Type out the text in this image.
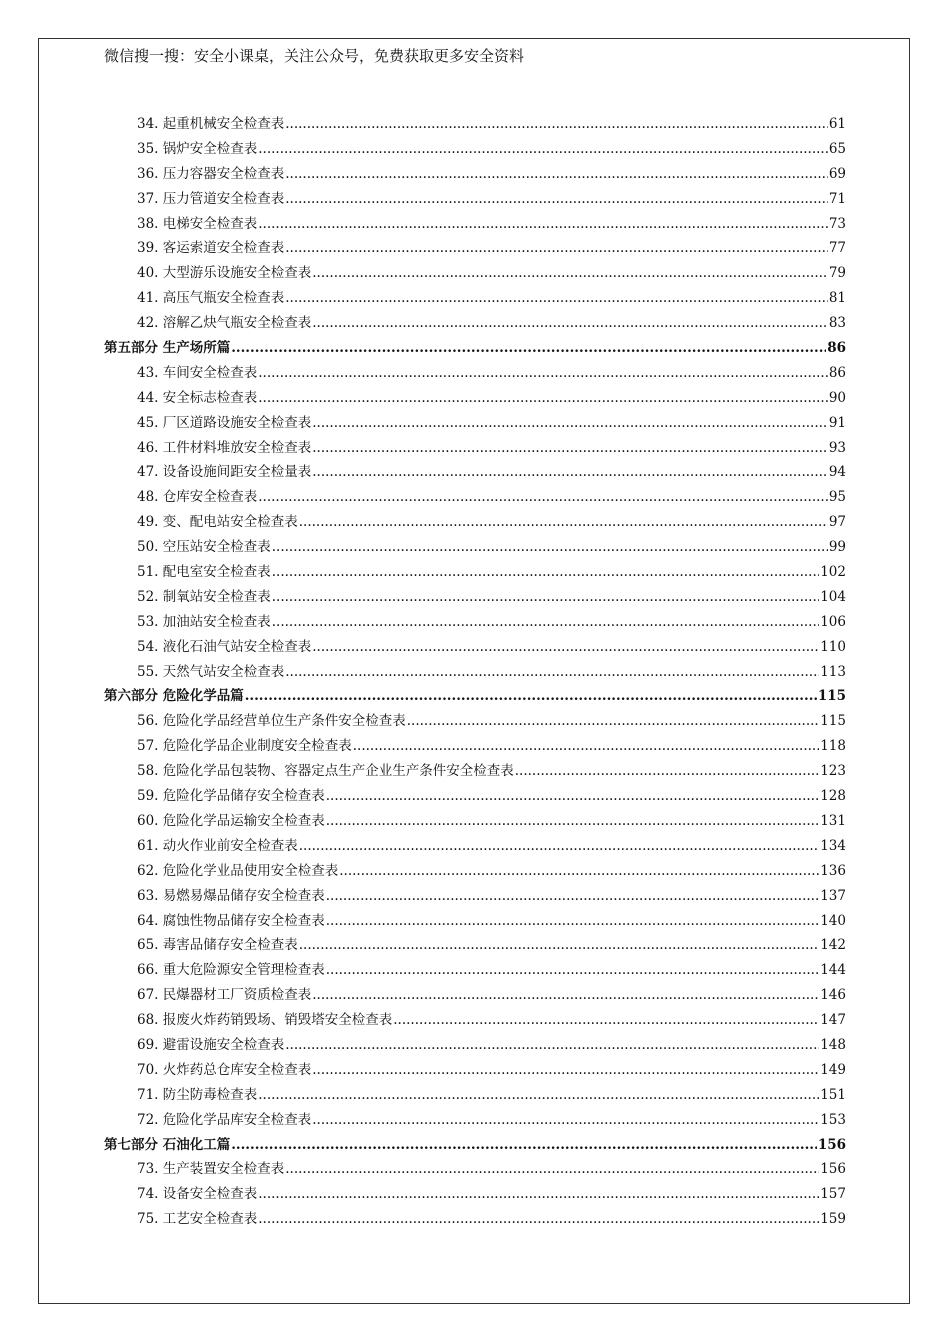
微信搜一搜：安全小课桌，关注公众号，免费获取更多安全资料
34. 起重机械安全检查表 .....	61
35. 锅炉安全检查表 .....	65
36. 压力容器安全检查表 .....	69
37. 压力管道安全检查表 .....	71
38. 电梯安全检查表 .....	73
39. 客运索道安全检查表 .....	77
40. 大型游乐设施安全检查表 .....	79
41. 高压气瓶安全检查表 .....	81
42. 溶解乙炔气瓶安全检查表 .....	83
第五部分 生产场所篇 .....	86
43. 车间安全检查表 .....	86
44. 安全标志检查表 .....	90
45. 厂区道路设施安全检查表 .....	91
46. 工件材料堆放安全检查表 .....	93
47. 设备设施间距安全检量表 .....	94
48. 仓库安全检查表 .....	95
49. 变、配电站安全检查表 .....	97
50. 空压站安全检查表 .....	99
51. 配电室安全检查表 .....	102
52. 制氧站安全检查表 .....	104
53. 加油站安全检查表 .....	106
54. 液化石油气站安全检查表 .....	110
55. 天然气站安全检查表 .....	113
第六部分 危险化学品篇 .....	115
56. 危险化学品经营单位生产条件安全检查表 .....	115
57. 危险化学品企业制度安全检查表 .....	118
58. 危险化学品包装物、容器定点生产企业生产条件安全检查表 .....	123
59. 危险化学品储存安全检查表 .....	128
60. 危险化学品运输安全检查表 .....	131
61. 动火作业前安全检查表 .....	134
62. 危险化学业品使用安全检查表 .....	136
63. 易燃易爆品储存安全检查表 .....	137
64. 腐蚀性物品储存安全检查表 .....	140
65. 毒害品储存安全检查表 .....	142
66. 重大危险源安全管理检查表 .....	144
67. 民爆器材工厂资质检查表 .....	146
68. 报废火炸药销毁场、销毁塔安全检查表 .....	147
69. 避雷设施安全检查表 .....	148
70. 火炸药总仓库安全检查表 .....	149
71. 防尘防毒检查表 .....	151
72. 危险化学品库安全检查表 .....	153
第七部分 石油化工篇 .....	156
73. 生产装置安全检查表 .....	156
74. 设备安全检查表 .....	157
75. 工艺安全检查表 .....	159
